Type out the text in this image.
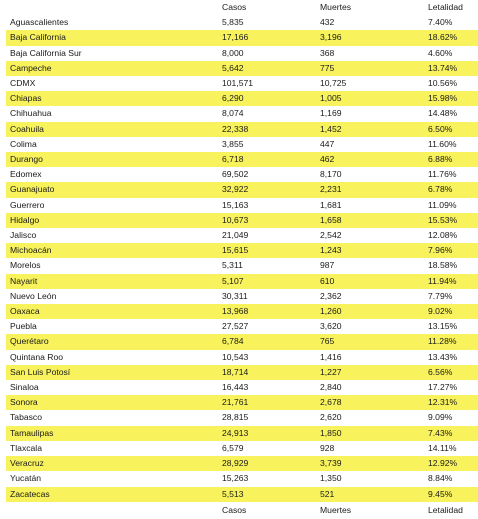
	Casos	Muertes	Letalidad
Aguascalientes	5,835	432	7.40%
Baja California	17,166	3,196	18.62%
Baja California Sur	8,000	368	4.60%
Campeche	5,642	775	13.74%
CDMX	101,571	10,725	10.56%
Chiapas	6,290	1,005	15.98%
Chihuahua	8,074	1,169	14.48%
Coahuila	22,338	1,452	6.50%
Colima	3,855	447	11.60%
Durango	6,718	462	6.88%
Edomex	69,502	8,170	11.76%
Guanajuato	32,922	2,231	6.78%
Guerrero	15,163	1,681	11.09%
Hidalgo	10,673	1,658	15.53%
Jalisco	21,049	2,542	12.08%
Michoacán	15,615	1,243	7.96%
Morelos	5,311	987	18.58%
Nayarit	5,107	610	11.94%
Nuevo León	30,311	2,362	7.79%
Oaxaca	13,968	1,260	9.02%
Puebla	27,527	3,620	13.15%
Querétaro	6,784	765	11.28%
Quintana Roo	10,543	1,416	13.43%
San Luis Potosí	18,714	1,227	6.56%
Sinaloa	16,443	2,840	17.27%
Sonora	21,761	2,678	12.31%
Tabasco	28,815	2,620	9.09%
Tamaulipas	24,913	1,850	7.43%
Tlaxcala	6,579	928	14.11%
Veracruz	28,929	3,739	12.92%
Yucatán	15,263	1,350	8.84%
Zacatecas	5,513	521	9.45%
	Casos	Muertes	Letalidad
